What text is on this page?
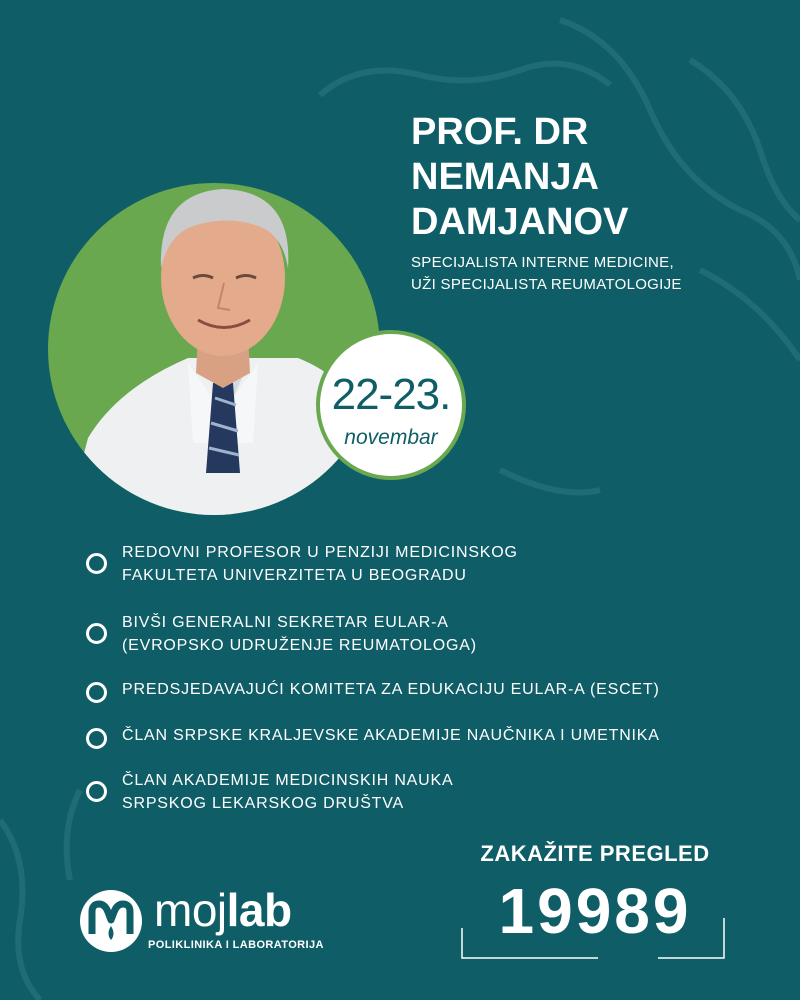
22-23.
novembar
PROF. DR
NEMANJA
DAMJANOV
SPECIJALISTA INTERNE MEDICINE,
UŽI SPECIJALISTA REUMATOLOGIJE
REDOVNI PROFESOR U PENZIJI MEDICINSKOG
FAKULTETA UNIVERZITETA U BEOGRADU
BIVŠI GENERALNI SEKRETAR EULAR-A
(EVROPSKO UDRUŽENJE REUMATOLOGA)
PREDSJEDAVAJUĆI KOMITETA ZA EDUKACIJU EULAR-A (ESCET)
ČLAN SRPSKE KRALJEVSKE AKADEMIJE NAUČNIKA I UMETNIKA
ČLAN AKADEMIJE MEDICINSKIH NAUKA
SRPSKOG LEKARSKOG DRUŠTVA
mojlab
POLIKLINIKA I LABORATORIJA
ZAKAŽITE PREGLED
19989
